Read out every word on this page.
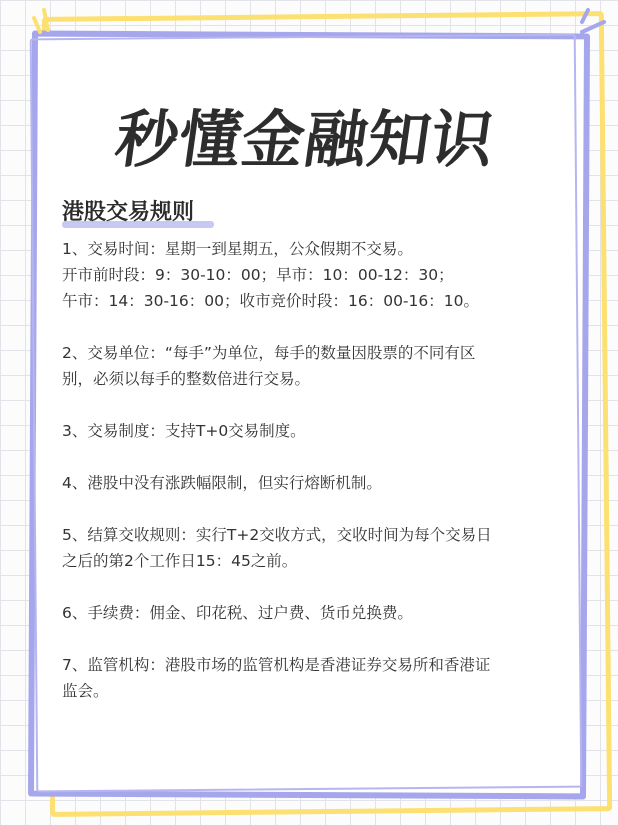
秒懂金融知识
港股交易规则

1、交易时间：星期一到星期五，公众假期不交易。
开市前时段：9：30-10：00；早市：10：00-12：30；
午市：14：30-16：00；收市竞价时段：16：00-16：10。

2、交易单位：“每手”为单位，每手的数量因股票的不同有区
别，必须以每手的整数倍进行交易。

3、交易制度：支持T+0交易制度。

4、港股中没有涨跌幅限制，但实行熔断机制。

5、结算交收规则：实行T+2交收方式，交收时间为每个交易日
之后的第2个工作日15：45之前。

6、手续费：佣金、印花税、过户费、货币兑换费。

7、监管机构：港股市场的监管机构是香港证券交易所和香港证
监会。
